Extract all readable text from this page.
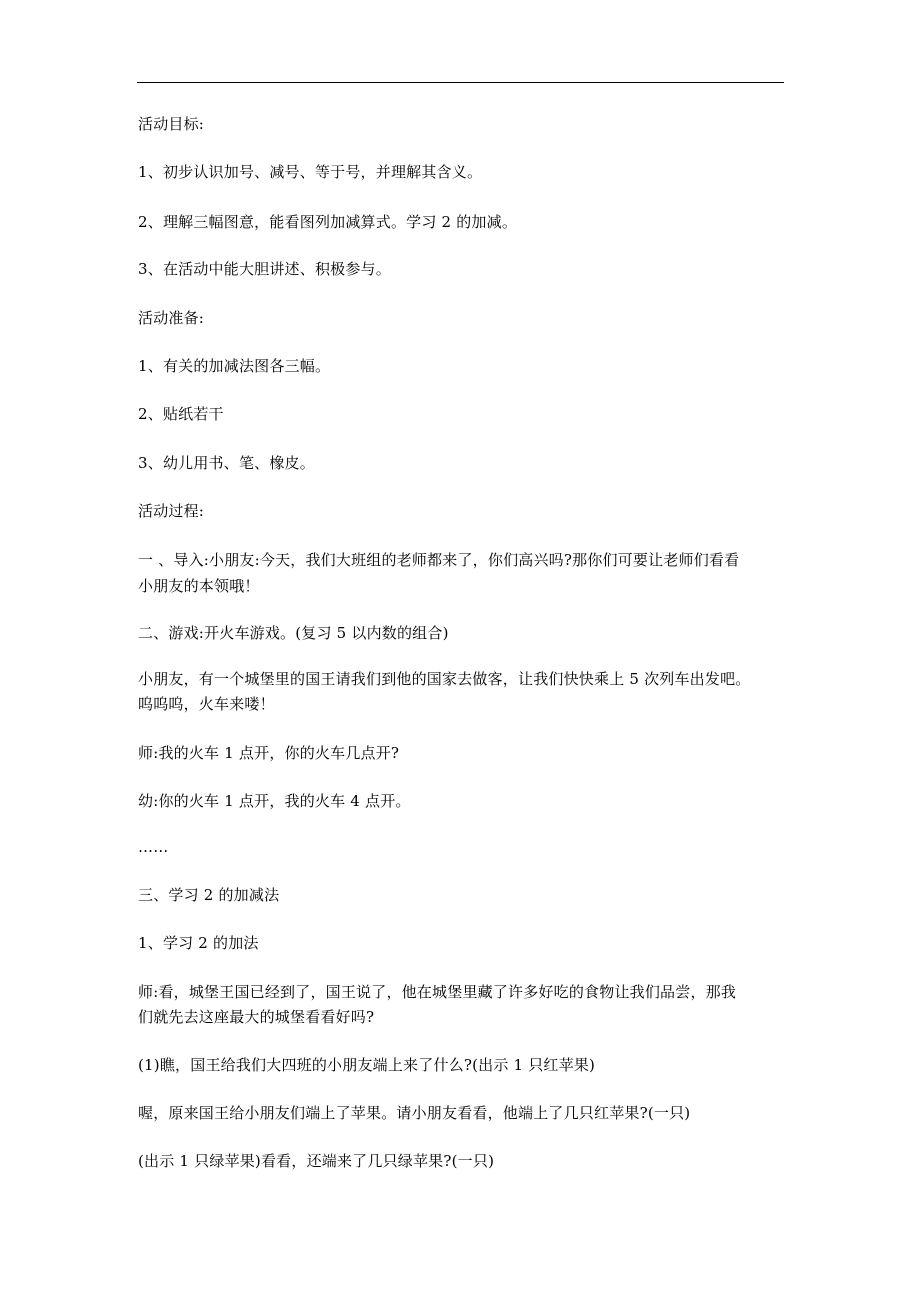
活动目标:
1、初步认识加号、减号、等于号，并理解其含义。
2、理解三幅图意，能看图列加减算式。学习 2 的加减。
3、在活动中能大胆讲述、积极参与。
活动准备:
1、有关的加减法图各三幅。
2、贴纸若干
3、幼儿用书、笔、橡皮。
活动过程:
一 、导入:小朋友:今天，我们大班组的老师都来了，你们高兴吗?那你们可要让老师们看看
小朋友的本领哦！
二、游戏:开火车游戏。(复习 5 以内数的组合)
小朋友，有一个城堡里的国王请我们到他的国家去做客，让我们快快乘上 5 次列车出发吧。
呜呜呜，火车来喽！
师:我的火车 1 点开，你的火车几点开?
幼:你的火车 1 点开，我的火车 4 点开。
……
三、学习 2 的加减法
1、学习 2 的加法
师:看，城堡王国已经到了，国王说了，他在城堡里藏了许多好吃的食物让我们品尝，那我
们就先去这座最大的城堡看看好吗?
(1)瞧，国王给我们大四班的小朋友端上来了什么?(出示 1 只红苹果)
喔，原来国王给小朋友们端上了苹果。请小朋友看看，他端上了几只红苹果?(一只)
(出示 1 只绿苹果)看看，还端来了几只绿苹果?(一只)
